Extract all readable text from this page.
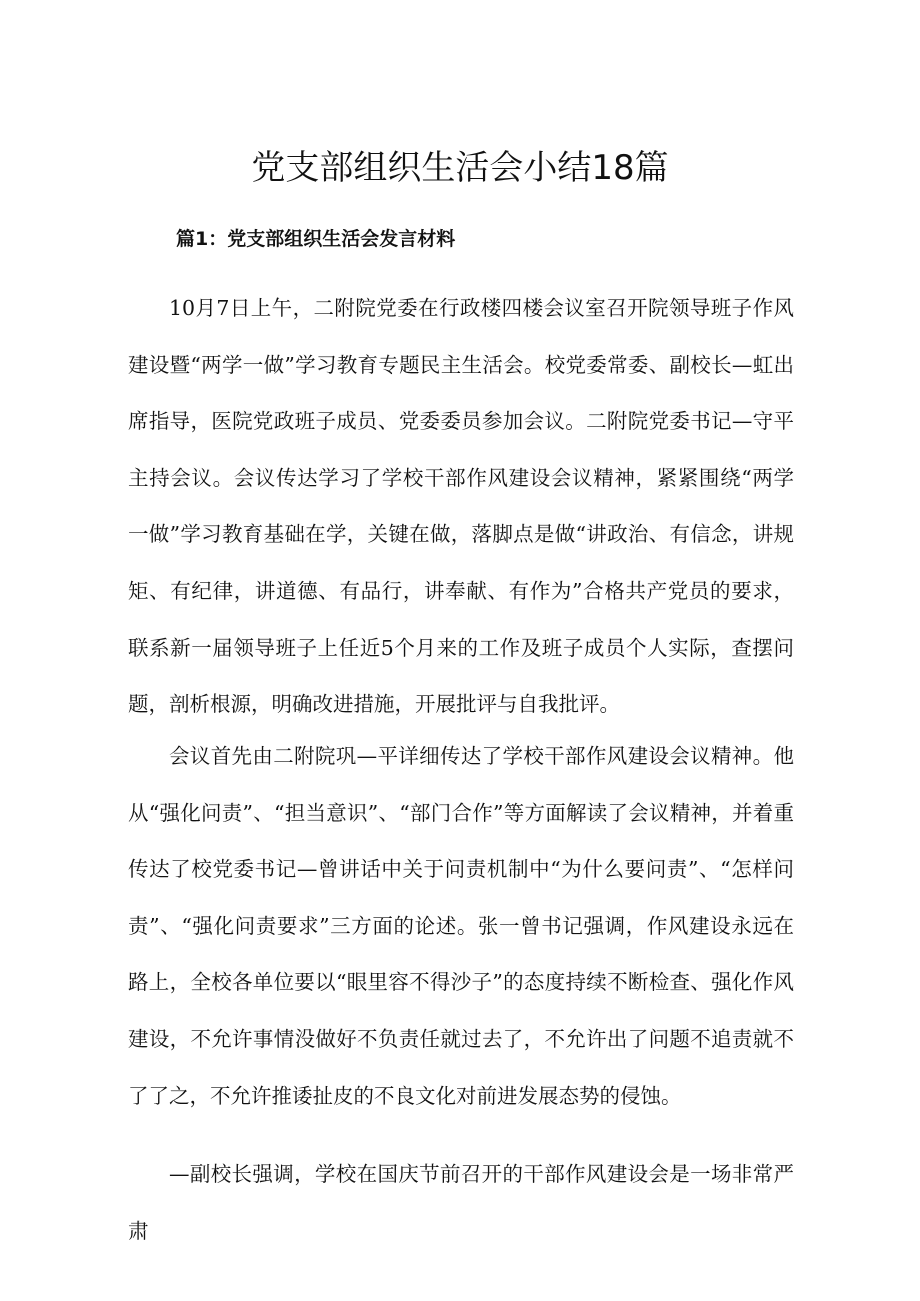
党支部组织生活会小结18篇
篇1：党支部组织生活会发言材料

10月7日上午，二附院党委在行政楼四楼会议室召开院领导班子作风建设暨“两学一做”学习教育专题民主生活会。校党委常委、副校长—虹出席指导，医院党政班子成员、党委委员参加会议。二附院党委书记—守平主持会议。会议传达学习了学校干部作风建设会议精神，紧紧围绕“两学一做”学习教育基础在学，关键在做，落脚点是做“讲政治、有信念，讲规矩、有纪律，讲道德、有品行，讲奉献、有作为”合格共产党员的要求，联系新一届领导班子上任近5个月来的工作及班子成员个人实际，查摆问题，剖析根源，明确改进措施，开展批评与自我批评。

会议首先由二附院巩—平详细传达了学校干部作风建设会议精神。他从“强化问责”、“担当意识”、“部门合作”等方面解读了会议精神，并着重传达了校党委书记—曾讲话中关于问责机制中“为什么要问责”、“怎样问责”、“强化问责要求”三方面的论述。张一曾书记强调，作风建设永远在路上，全校各单位要以“眼里容不得沙子”的态度持续不断检查、强化作风建设，不允许事情没做好不负责任就过去了，不允许出了问题不追责就不了了之，不允许推诿扯皮的不良文化对前进发展态势的侵蚀。

—副校长强调，学校在国庆节前召开的干部作风建设会是一场非常严肃
